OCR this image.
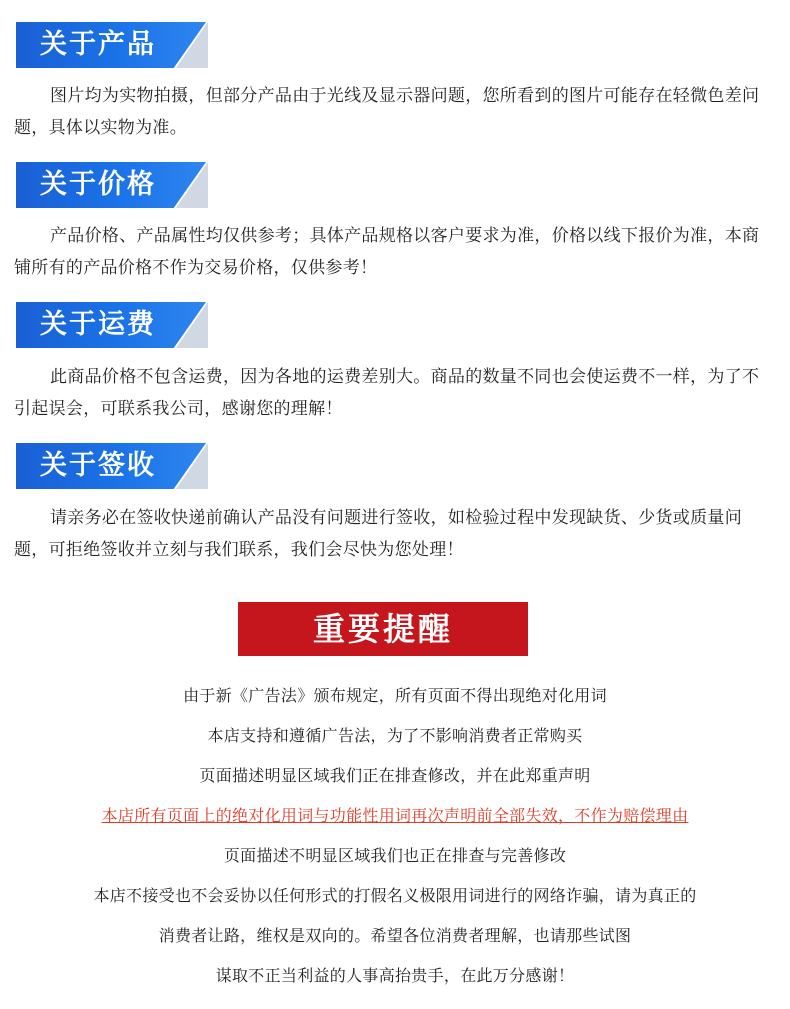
关于产品
图片均为实物拍摄，但部分产品由于光线及显示器问题，您所看到的图片可能存在轻微色差问题，具体以实物为准。
关于价格
产品价格、产品属性均仅供参考；具体产品规格以客户要求为准，价格以线下报价为准，本商铺所有的产品价格不作为交易价格，仅供参考！
关于运费
此商品价格不包含运费，因为各地的运费差别大。商品的数量不同也会使运费不一样，为了不引起误会，可联系我公司，感谢您的理解！
关于签收
请亲务必在签收快递前确认产品没有问题进行签收，如检验过程中发现缺货、少货或质量问题，可拒绝签收并立刻与我们联系，我们会尽快为您处理！
重要提醒
由于新《广告法》颁布规定，所有页面不得出现绝对化用词
本店支持和遵循广告法，为了不影响消费者正常购买
页面描述明显区域我们正在排查修改，并在此郑重声明
本店所有页面上的绝对化用词与功能性用词再次声明前全部失效，不作为赔偿理由
页面描述不明显区域我们也正在排查与完善修改
本店不接受也不会妥协以任何形式的打假名义极限用词进行的网络诈骗，请为真正的
消费者让路，维权是双向的。希望各位消费者理解，也请那些试图
谋取不正当利益的人事高抬贵手，在此万分感谢！
